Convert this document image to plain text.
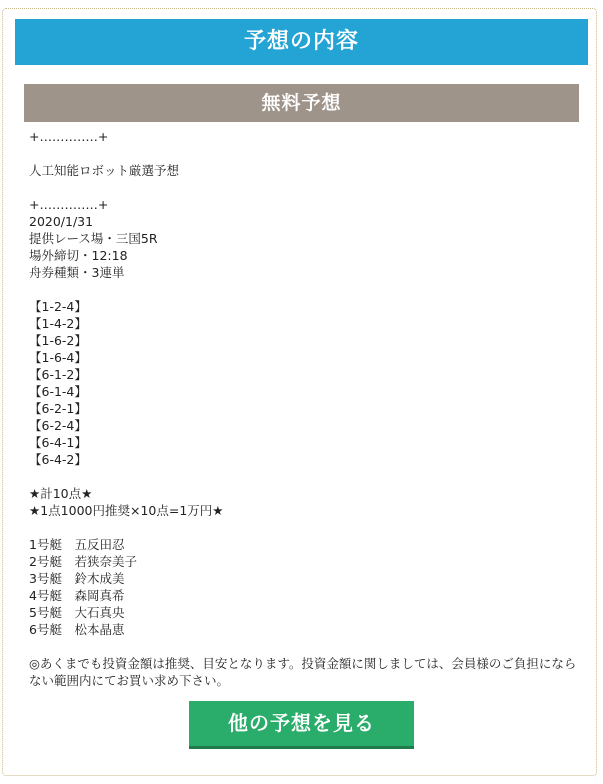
予想の内容
無料予想
+‥‥‥‥‥‥‥+
人工知能ロボット厳選予想
+‥‥‥‥‥‥‥+
2020/1/31
提供レース場・三国5R
場外締切・12:18
舟券種類・3連単
【1-2-4】
【1-4-2】
【1-6-2】
【1-6-4】
【6-1-2】
【6-1-4】
【6-2-1】
【6-2-4】
【6-4-1】
【6-4-2】
★計10点★
★1点1000円推奨×10点=1万円★
1号艇　五反田忍
2号艇　若狭奈美子
3号艇　鈴木成美
4号艇　森岡真希
5号艇　大石真央
6号艇　松本晶恵
◎あくまでも投資金額は推奨、目安となります。投資金額に関しましては、会員様のご負担にならない範囲内にてお買い求め下さい。
他の予想を見る
